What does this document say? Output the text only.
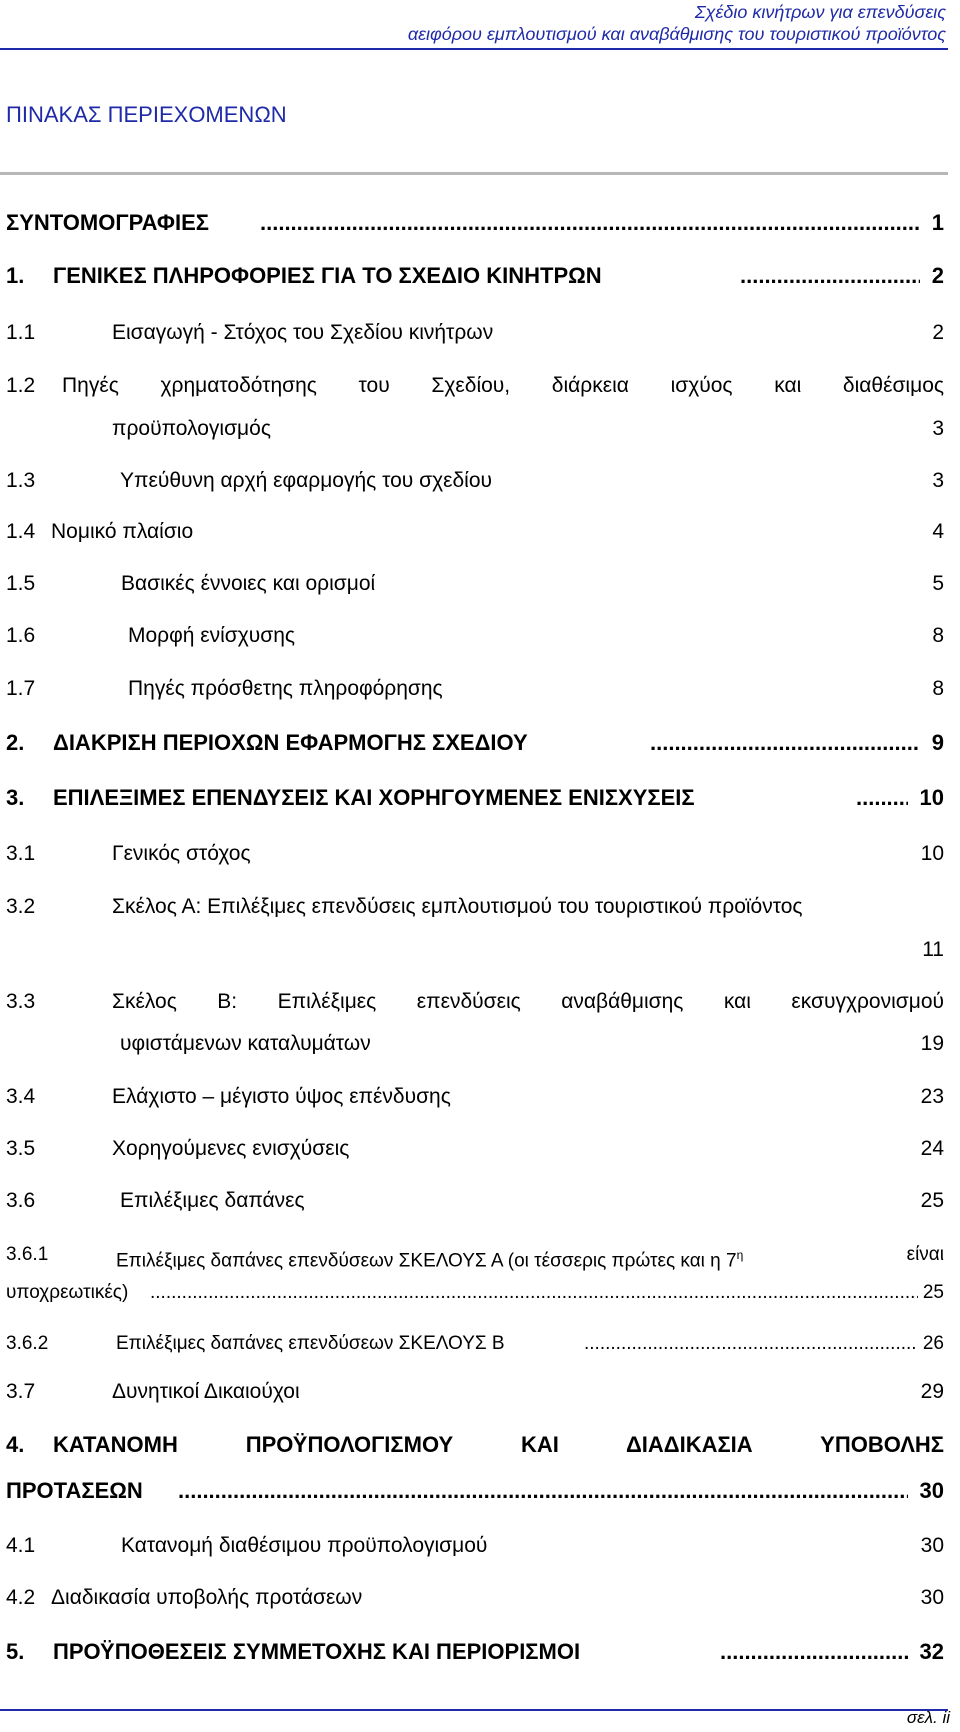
Σχέδιο κινήτρων για επενδύσεις
αειφόρου εμπλουτισμού και αναβάθμισης του τουριστικού προϊόντος
ΠΙΝΑΚΑΣ ΠΕΡΙΕΧΟΜΕΝΩΝ
ΣΥΝΤΟΜΟΓΡΑΦΙΕΣ .....	1
1. ΓΕΝΙΚΕΣ ΠΛΗΡΟΦΟΡΙΕΣ ΓΙΑ ΤΟ ΣΧΕΔΙΟ ΚΙΝΗΤΡΩΝ .....	2
1.1	Εισαγωγή - Στόχος του Σχεδίου κινήτρων	2
1.2 Πηγές χρηματοδότησης του Σχεδίου, διάρκεια ισχύος και διαθέσιμος
προϋπολογισμός	3
1.3	Υπεύθυνη αρχή εφαρμογής του σχεδίου	3
1.4 Νομικό πλαίσιο	4
1.5	Βασικές έννοιες και ορισμοί	5
1.6	Μορφή ενίσχυσης	8
1.7	Πηγές πρόσθετης πληροφόρησης	8
2. ΔΙΑΚΡΙΣΗ ΠΕΡΙΟΧΩΝ ΕΦΑΡΜΟΓΗΣ ΣΧΕΔΙΟΥ .....	9
3. ΕΠΙΛΕΞΙΜΕΣ ΕΠΕΝΔΥΣΕΙΣ ΚΑΙ ΧΟΡΗΓΟΥΜΕΝΕΣ ΕΝΙΣΧΥΣΕΙΣ .....	10
3.1	Γενικός στόχος	10
3.2	Σκέλος Α: Επιλέξιμες επενδύσεις εμπλουτισμού του τουριστικού προϊόντος
11
3.3	Σκέλος Β: Επιλέξιμες επενδύσεις αναβάθμισης και εκσυγχρονισμού
υφιστάμενων καταλυμάτων	19
3.4	Ελάχιστο – μέγιστο ύψος επένδυσης	23
3.5	Χορηγούμενες ενισχύσεις	24
3.6	Επιλέξιμες δαπάνες	25
3.6.1	Επιλέξιμες δαπάνες επενδύσεων ΣΚΕΛΟΥΣ Α (οι τέσσερις πρώτες και η $7^\eta$	είναι
υποχρεωτικές) .....	25
3.6.2	Επιλέξιμες δαπάνες επενδύσεων ΣΚΕΛΟΥΣ Β .....	26
3.7	Δυνητικοί Δικαιούχοι	29
4. ΚΑΤΑΝΟΜΗ ΠΡΟΫΠΟΛΟΓΙΣΜΟΥ ΚΑΙ ΔΙΑΔΙΚΑΣΙΑ ΥΠΟΒΟΛΗΣ
ΠΡΟΤΑΣΕΩΝ .....	30
4.1	Κατανομή διαθέσιμου προϋπολογισμού	30
4.2 Διαδικασία υποβολής προτάσεων	30
5. ΠΡΟΫΠΟΘΕΣΕΙΣ ΣΥΜΜΕΤΟΧΗΣ ΚΑΙ ΠΕΡΙΟΡΙΣΜΟΙ .....	32
σελ. ii
